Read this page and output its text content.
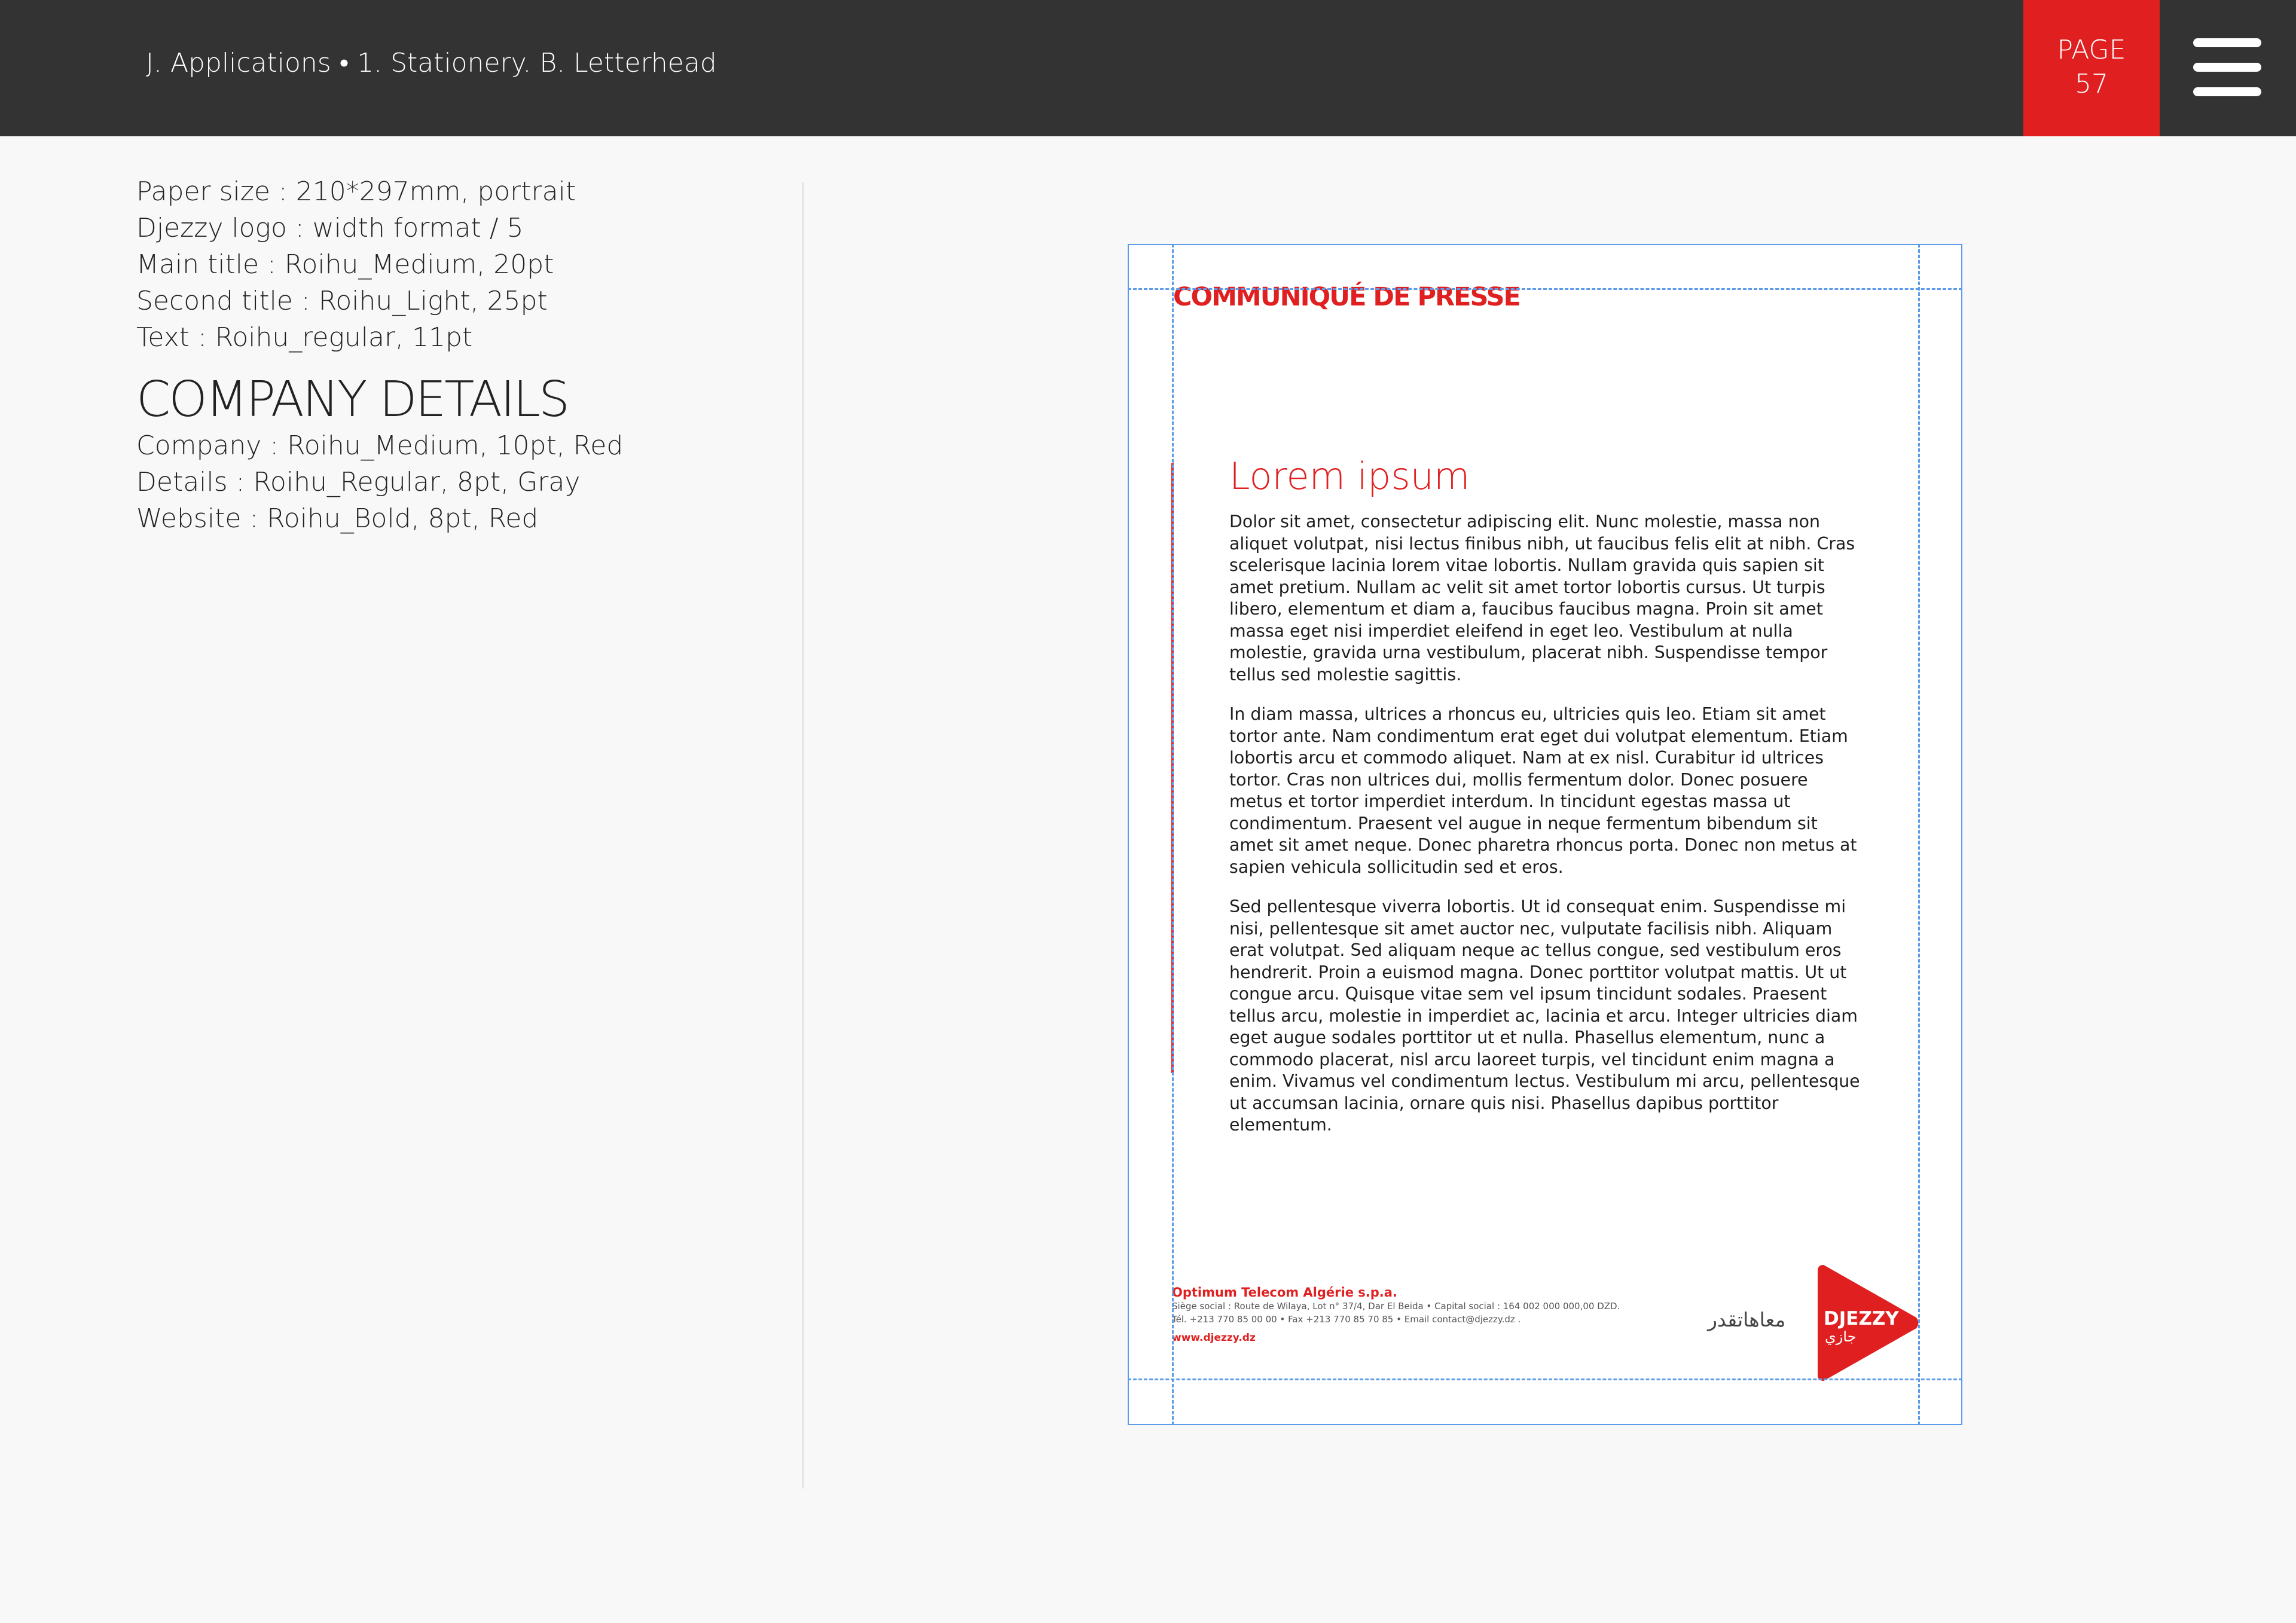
J. Applications • 1. Stationery. B. Letterhead	PAGE
57
Paper size : 210*297mm, portrait
Djezzy logo : width format / 5
Main title : Roihu_Medium, 20pt
Second title : Roihu_Light, 25pt
Text : Roihu_regular, 11pt
COMPANY DETAILS
Company : Roihu_Medium, 10pt, Red
Details : Roihu_Regular, 8pt, Gray
Website : Roihu_Bold, 8pt, Red
COMMUNIQUÉ DE PRESSE
Lorem ipsum

Dolor sit amet, consectetur adipiscing elit. Nunc molestie, massa non aliquet volutpat, nisi lectus finibus nibh, ut faucibus felis elit at nibh. Cras scelerisque lacinia lorem vitae lobortis. Nullam gravida quis sapien sit amet pretium. Nullam ac velit sit amet tortor lobortis cursus. Ut turpis libero, elementum et diam a, faucibus faucibus magna. Proin sit amet massa eget nisi imperdiet eleifend in eget leo. Vestibulum at nulla molestie, gravida urna vestibulum, placerat nibh. Suspendisse tempor tellus sed molestie sagittis.

In diam massa, ultrices a rhoncus eu, ultricies quis leo. Etiam sit amet tortor ante. Nam condimentum erat eget dui volutpat elementum. Etiam lobortis arcu et commodo aliquet. Nam at ex nisl. Curabitur id ultrices tortor. Cras non ultrices dui, mollis fermentum dolor. Donec posuere metus et tortor imperdiet interdum. In tincidunt egestas massa ut condimentum. Praesent vel augue in neque fermentum bibendum sit amet sit amet neque. Donec pharetra rhoncus porta. Donec non metus at sapien vehicula sollicitudin sed et eros.

Sed pellentesque viverra lobortis. Ut id consequat enim. Suspendisse mi nisi, pellentesque sit amet auctor nec, vulputate facilisis nibh. Aliquam erat volutpat. Sed aliquam neque ac tellus congue, sed vestibulum eros hendrerit. Proin a euismod magna. Donec porttitor volutpat mattis. Ut ut congue arcu. Quisque vitae sem vel ipsum tincidunt sodales. Praesent tellus arcu, molestie in imperdiet ac, lacinia et arcu. Integer ultricies diam eget augue sodales porttitor ut et nulla. Phasellus elementum, nunc a commodo placerat, nisl arcu laoreet turpis, vel tincidunt enim magna a enim. Vivamus vel condimentum lectus. Vestibulum mi arcu, pellentesque ut accumsan lacinia, ornare quis nisi. Phasellus dapibus porttitor elementum.

Optimum Telecom Algérie s.p.a.
Siège social : Route de Wilaya, Lot n° 37/4, Dar El Beida • Capital social : 164 002 000 000,00 DZD.
Tél. +213 770 85 00 00 • Fax +213 770 85 70 85 • Email contact@djezzy.dz .
www.djezzy.dz
معاهاتقدر DJEZZY
جازي
